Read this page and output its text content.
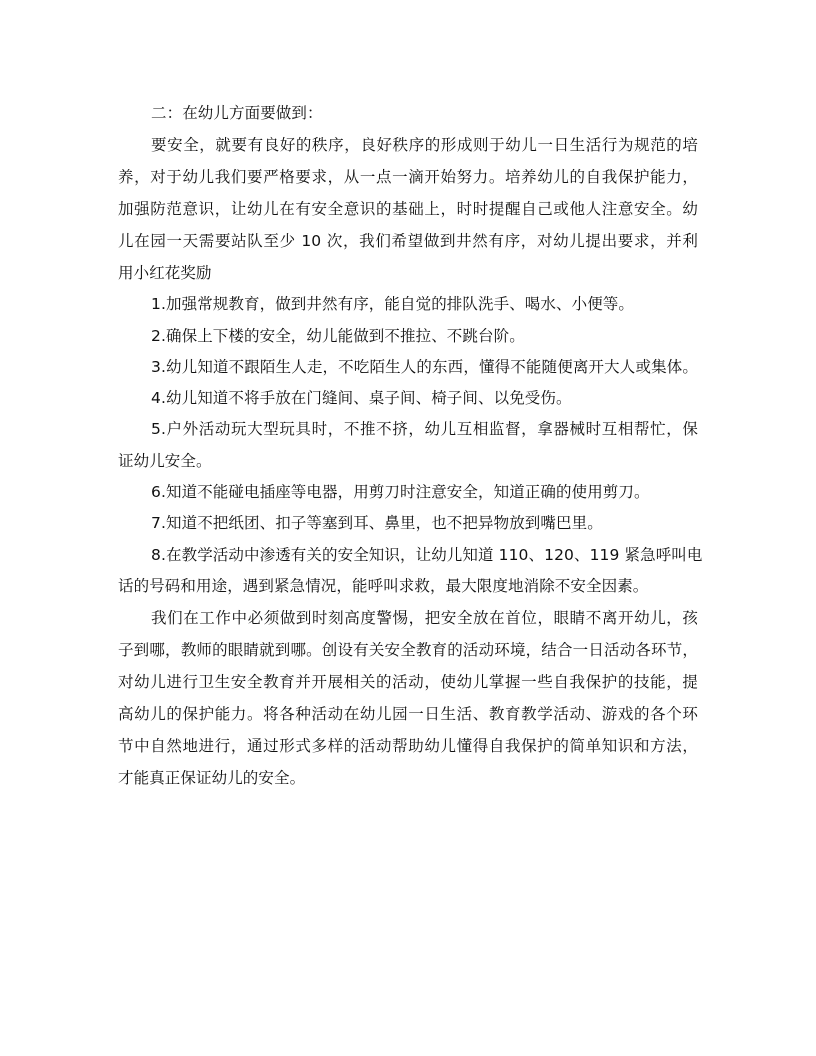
二：在幼儿方面要做到：
要安全，就要有良好的秩序，良好秩序的形成则于幼儿一日生活行为规范的培
养，对于幼儿我们要严格要求，从一点一滴开始努力。培养幼儿的自我保护能力，
加强防范意识，让幼儿在有安全意识的基础上，时时提醒自己或他人注意安全。幼
儿在园一天需要站队至少 10 次，我们希望做到井然有序，对幼儿提出要求，并利
用小红花奖励
1.加强常规教育，做到井然有序，能自觉的排队洗手、喝水、小便等。
2.确保上下楼的安全，幼儿能做到不推拉、不跳台阶。
3.幼儿知道不跟陌生人走，不吃陌生人的东西，懂得不能随便离开大人或集体。
4.幼儿知道不将手放在门缝间、桌子间、椅子间、以免受伤。
5.户外活动玩大型玩具时，不推不挤，幼儿互相监督，拿器械时互相帮忙，保
证幼儿安全。
6.知道不能碰电插座等电器，用剪刀时注意安全，知道正确的使用剪刀。
7.知道不把纸团、扣子等塞到耳、鼻里，也不把异物放到嘴巴里。
8.在教学活动中渗透有关的安全知识，让幼儿知道 110、120、119 紧急呼叫电
话的号码和用途，遇到紧急情况，能呼叫求救，最大限度地消除不安全因素。
我们在工作中必须做到时刻高度警惕，把安全放在首位，眼睛不离开幼儿，孩
子到哪，教师的眼睛就到哪。创设有关安全教育的活动环境，结合一日活动各环节，
对幼儿进行卫生安全教育并开展相关的活动，使幼儿掌握一些自我保护的技能，提
高幼儿的保护能力。将各种活动在幼儿园一日生活、教育教学活动、游戏的各个环
节中自然地进行，通过形式多样的活动帮助幼儿懂得自我保护的简单知识和方法，
才能真正保证幼儿的安全。
